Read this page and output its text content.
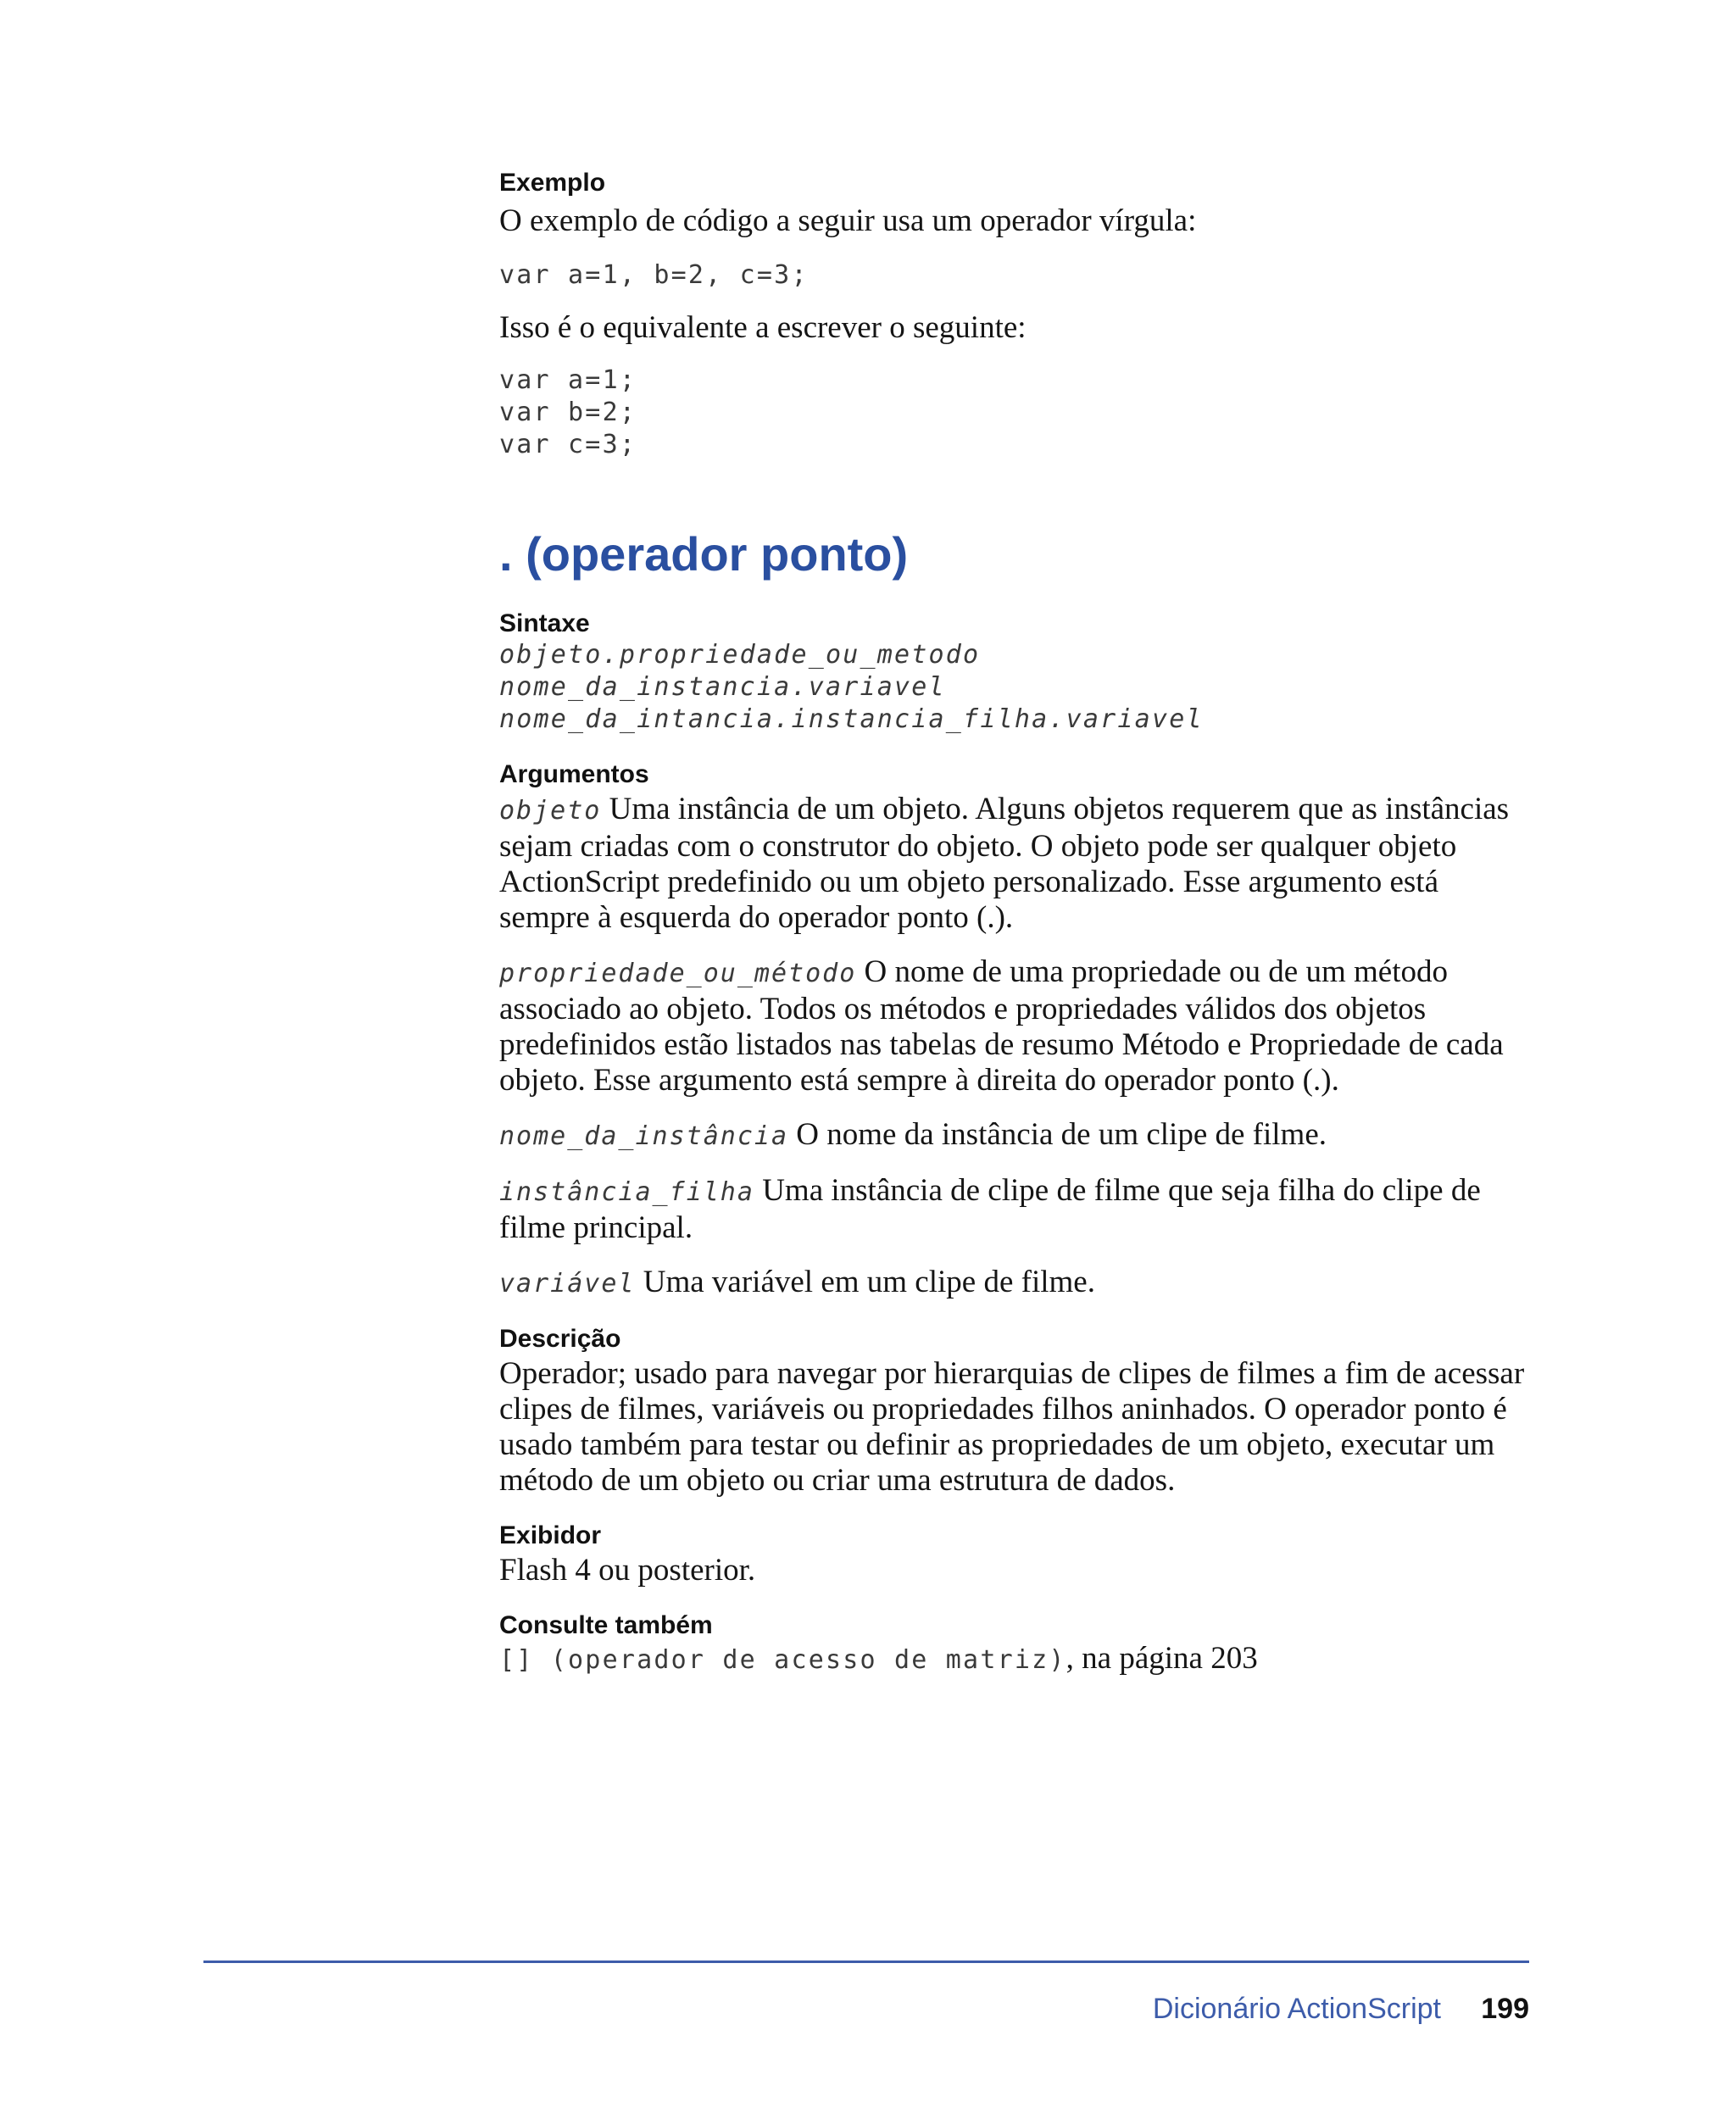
Exemplo

O exemplo de código a seguir usa um operador vírgula:

var a=1, b=2, c=3;

Isso é o equivalente a escrever o seguinte:

var a=1;

var b=2;

var c=3;

. (operador ponto)

Sintaxe

objeto.propriedade_ou_metodo

nome_da_instancia.variavel

nome_da_intancia.instancia_filha.variavel

Argumentos

objeto Uma instância de um objeto. Alguns objetos requerem que as instâncias sejam criadas com o construtor do objeto. O objeto pode ser qualquer objeto ActionScript predefinido ou um objeto personalizado. Esse argumento está sempre à esquerda do operador ponto (.).

propriedade_ou_método O nome de uma propriedade ou de um método associado ao objeto. Todos os métodos e propriedades válidos dos objetos predefinidos estão listados nas tabelas de resumo Método e Propriedade de cada objeto. Esse argumento está sempre à direita do operador ponto (.).

nome_da_instância O nome da instância de um clipe de filme.

instância_filha Uma instância de clipe de filme que seja filha do clipe de filme principal.

variável Uma variável em um clipe de filme.

Descrição

Operador; usado para navegar por hierarquias de clipes de filmes a fim de acessar clipes de filmes, variáveis ou propriedades filhos aninhados. O operador ponto é usado também para testar ou definir as propriedades de um objeto, executar um método de um objeto ou criar uma estrutura de dados.

Exibidor

Flash 4 ou posterior.

Consulte também

[] (operador de acesso de matriz), na página 203

Dicionário ActionScript 199
